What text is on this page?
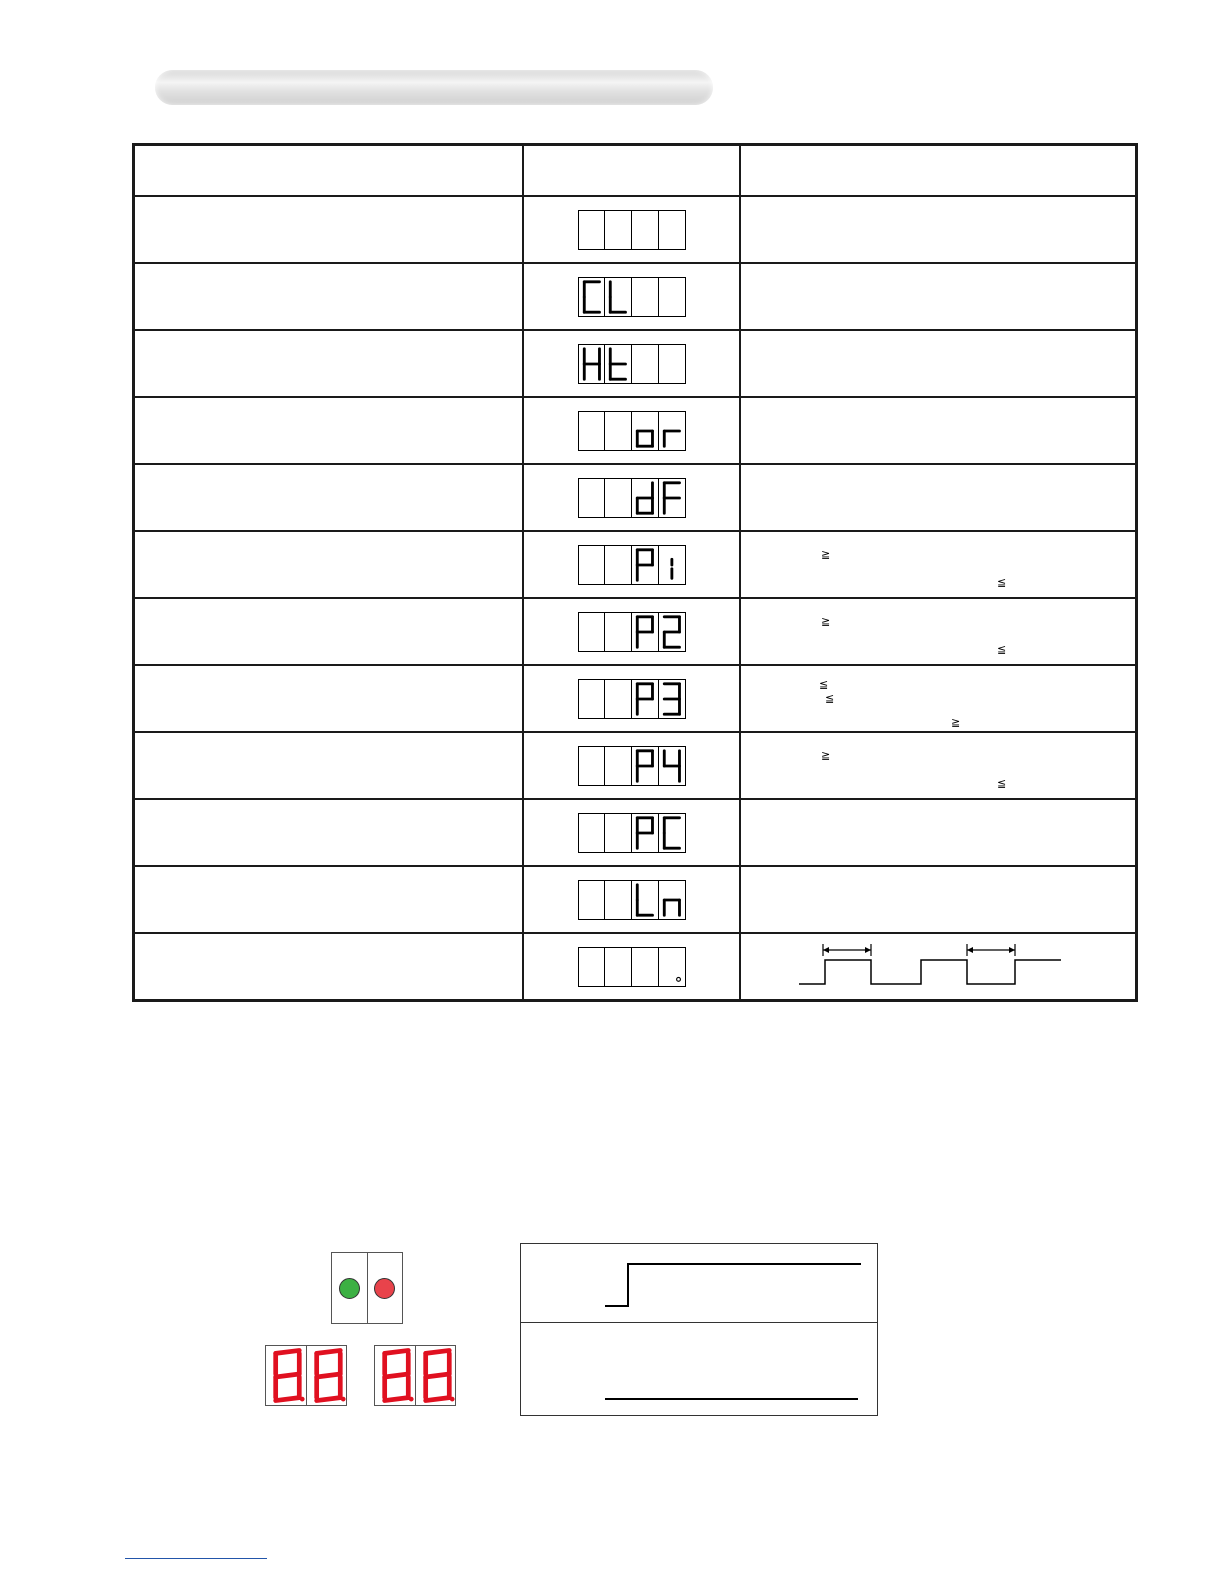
≧
≦

≧
≦

≦
≦
≧

≧
≦
